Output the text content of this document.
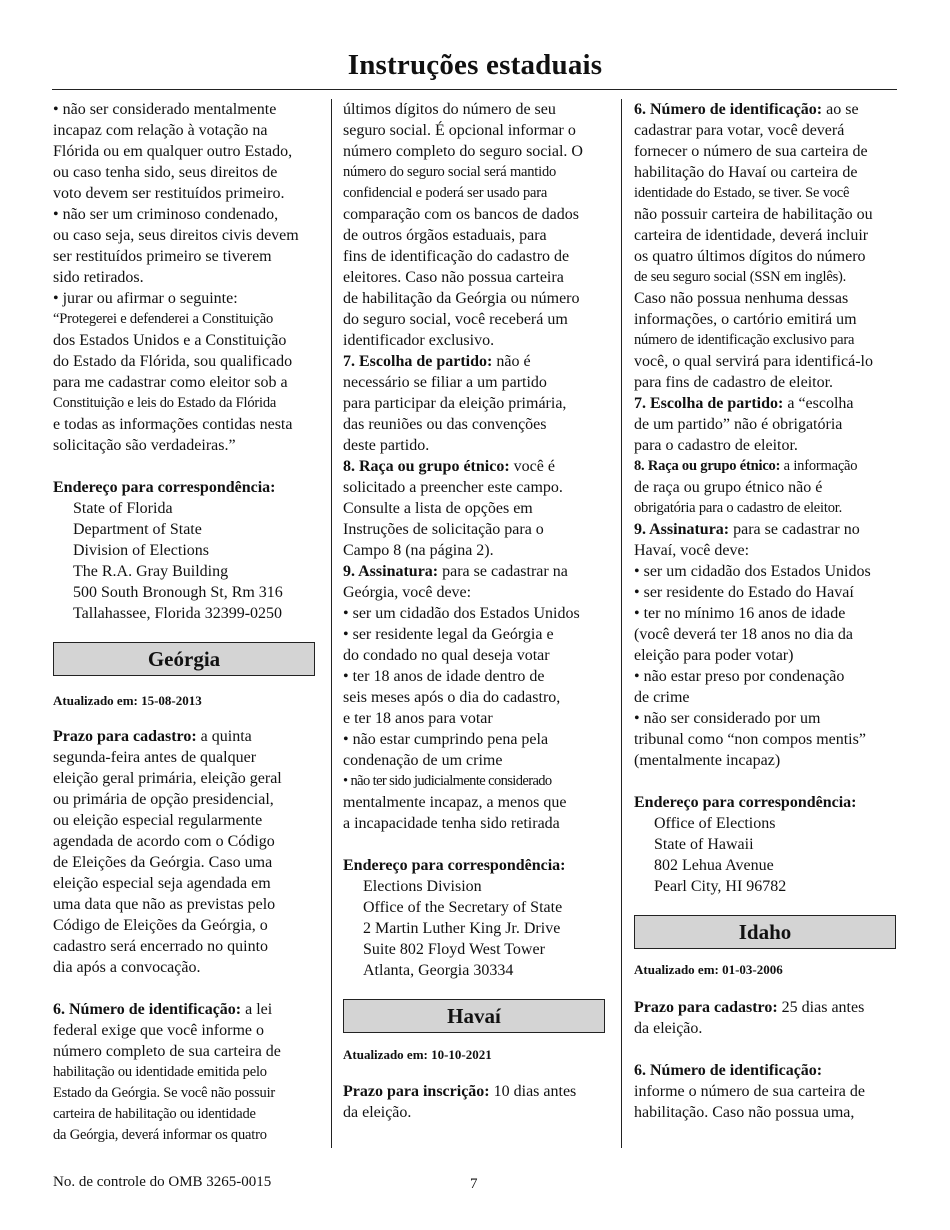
Instruções estaduais

• não ser considerado mentalmente

incapaz com relação à votação na

Flórida ou em qualquer outro Estado,

ou caso tenha sido, seus direitos de

voto devem ser restituídos primeiro.

• não ser um criminoso condenado,

ou caso seja, seus direitos civis devem

ser restituídos primeiro se tiverem

sido retirados.

• jurar ou afirmar o seguinte:

“Protegerei e defenderei a Constituição

dos Estados Unidos e a Constituição

do Estado da Flórida, sou qualificado

para me cadastrar como eleitor sob a

Constituição e leis do Estado da Flórida

e todas as informações contidas nesta

solicitação são verdadeiras.”

Endereço para correspondência:

State of Florida

Department of State

Division of Elections

The R.A. Gray Building

500 South Bronough St, Rm 316

Tallahassee, Florida 32399-0250

Geórgia

Atualizado em: 15-08-2013

Prazo para cadastro: a quinta

segunda-feira antes de qualquer

eleição geral primária, eleição geral

ou primária de opção presidencial,

ou eleição especial regularmente

agendada de acordo com o Código

de Eleições da Geórgia. Caso uma

eleição especial seja agendada em

uma data que não as previstas pelo

Código de Eleições da Geórgia, o

cadastro será encerrado no quinto

dia após a convocação.

6. Número de identificação: a lei

federal exige que você informe o

número completo de sua carteira de

habilitação ou identidade emitida pelo

Estado da Geórgia. Se você não possuir

carteira de habilitação ou identidade

da Geórgia, deverá informar os quatro

últimos dígitos do número de seu

seguro social. É opcional informar o

número completo do seguro social. O

número do seguro social será mantido

confidencial e poderá ser usado para

comparação com os bancos de dados

de outros órgãos estaduais, para

fins de identificação do cadastro de

eleitores. Caso não possua carteira

de habilitação da Geórgia ou número

do seguro social, você receberá um

identificador exclusivo.

7. Escolha de partido: não é

necessário se filiar a um partido

para participar da eleição primária,

das reuniões ou das convenções

deste partido.

8. Raça ou grupo étnico: você é

solicitado a preencher este campo.

Consulte a lista de opções em

Instruções de solicitação para o

Campo 8 (na página 2).

9. Assinatura: para se cadastrar na

Geórgia, você deve:

• ser um cidadão dos Estados Unidos

• ser residente legal da Geórgia e

do condado no qual deseja votar

• ter 18 anos de idade dentro de

seis meses após o dia do cadastro,

e ter 18 anos para votar

• não estar cumprindo pena pela

condenação de um crime

• não ter sido judicialmente considerado

mentalmente incapaz, a menos que

a incapacidade tenha sido retirada

Endereço para correspondência:

Elections Division

Office of the Secretary of State

2 Martin Luther King Jr. Drive

Suite 802 Floyd West Tower

Atlanta, Georgia 30334

Havaí

Atualizado em: 10-10-2021

Prazo para inscrição: 10 dias antes

da eleição.

6. Número de identificação: ao se

cadastrar para votar, você deverá

fornecer o número de sua carteira de

habilitação do Havaí ou carteira de

identidade do Estado, se tiver. Se você

não possuir carteira de habilitação ou

carteira de identidade, deverá incluir

os quatro últimos dígitos do número

de seu seguro social (SSN em inglês).

Caso não possua nenhuma dessas

informações, o cartório emitirá um

número de identificação exclusivo para

você, o qual servirá para identificá-lo

para fins de cadastro de eleitor.

7. Escolha de partido: a “escolha

de um partido” não é obrigatória

para o cadastro de eleitor.

8. Raça ou grupo étnico: a informação

de raça ou grupo étnico não é

obrigatória para o cadastro de eleitor.

9. Assinatura: para se cadastrar no

Havaí, você deve:

• ser um cidadão dos Estados Unidos

• ser residente do Estado do Havaí

• ter no mínimo 16 anos de idade

(você deverá ter 18 anos no dia da

eleição para poder votar)

• não estar preso por condenação

de crime

• não ser considerado por um

tribunal como “non compos mentis”

(mentalmente incapaz)

Endereço para correspondência:

Office of Elections

State of Hawaii

802 Lehua Avenue

Pearl City, HI 96782

Idaho

Atualizado em: 01-03-2006

Prazo para cadastro: 25 dias antes

da eleição.

6. Número de identificação:

informe o número de sua carteira de

habilitação. Caso não possua uma,

No. de controle do OMB 3265-0015	7
